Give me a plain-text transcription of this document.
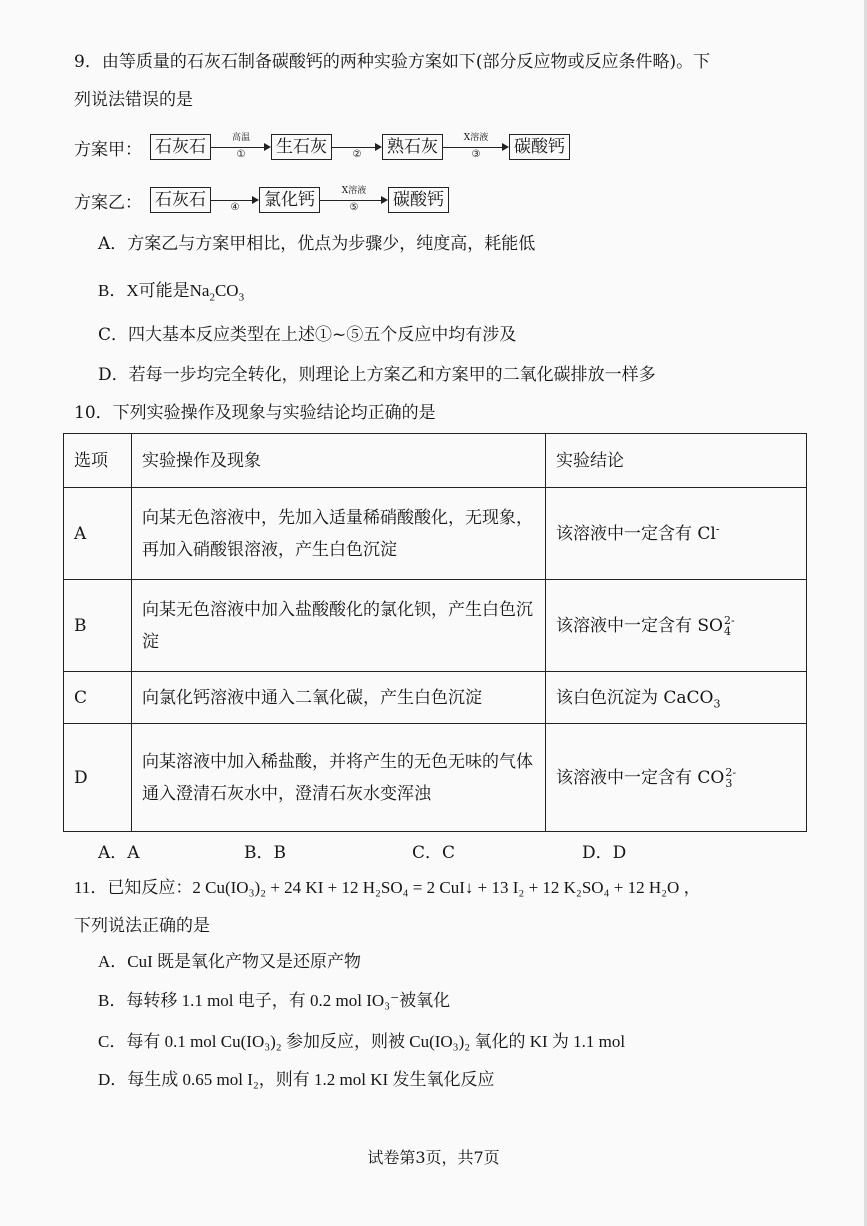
9．由等质量的石灰石制备碳酸钙的两种实验方案如下(部分反应物或反应条件略)。下
列说法错误的是
方案甲： 石灰石	高温
①	生石灰	②	熟石灰	X溶液
③	碳酸钙
方案乙： 石灰石	④	氯化钙	X溶液
⑤	碳酸钙
A．方案乙与方案甲相比，优点为步骤少，纯度高，耗能低
B．X可能是$Na_2CO_3$
C．四大基本反应类型在上述①~⑤五个反应中均有涉及
D．若每一步均完全转化，则理论上方案乙和方案甲的二氧化碳排放一样多
10．下列实验操作及现象与实验结论均正确的是
选项	实验操作及现象	实验结论
A	向某无色溶液中，先加入适量稀硝酸酸化，无现象，再加入硝酸银溶液，产生白色沉淀	该溶液中一定含有 Cl-
B	向某无色溶液中加入盐酸酸化的氯化钡，产生白色沉淀	该溶液中一定含有 SO 2-
4

C	向氯化钙溶液中通入二氧化碳，产生白色沉淀	该白色沉淀为 CaCO$_3$
D	向某溶液中加入稀盐酸，并将产生的无色无味的气体通入澄清石灰水中，澄清石灰水变浑浊	该溶液中一定含有 CO 2-
3
A．A	B．B	C．C	D．D
11．已知反应：2 Cu(IO₃)₂ + 24 KI + 12 H₂SO₄ = 2 CuI↓ + 13 I₂ + 12 K₂SO₄ + 12 H₂O ，
下列说法正确的是
A．CuI 既是氧化产物又是还原产物
B．每转移 1.1 mol 电子，有 0.2 mol IO₃⁻被氧化
C．每有 0.1 mol Cu(IO₃)₂ 参加反应，则被 Cu(IO₃)₂ 氧化的 KI 为 1.1 mol
D．每生成 0.65 mol I₂，则有 1.2 mol KI 发生氧化反应
试卷第3页，共7页
